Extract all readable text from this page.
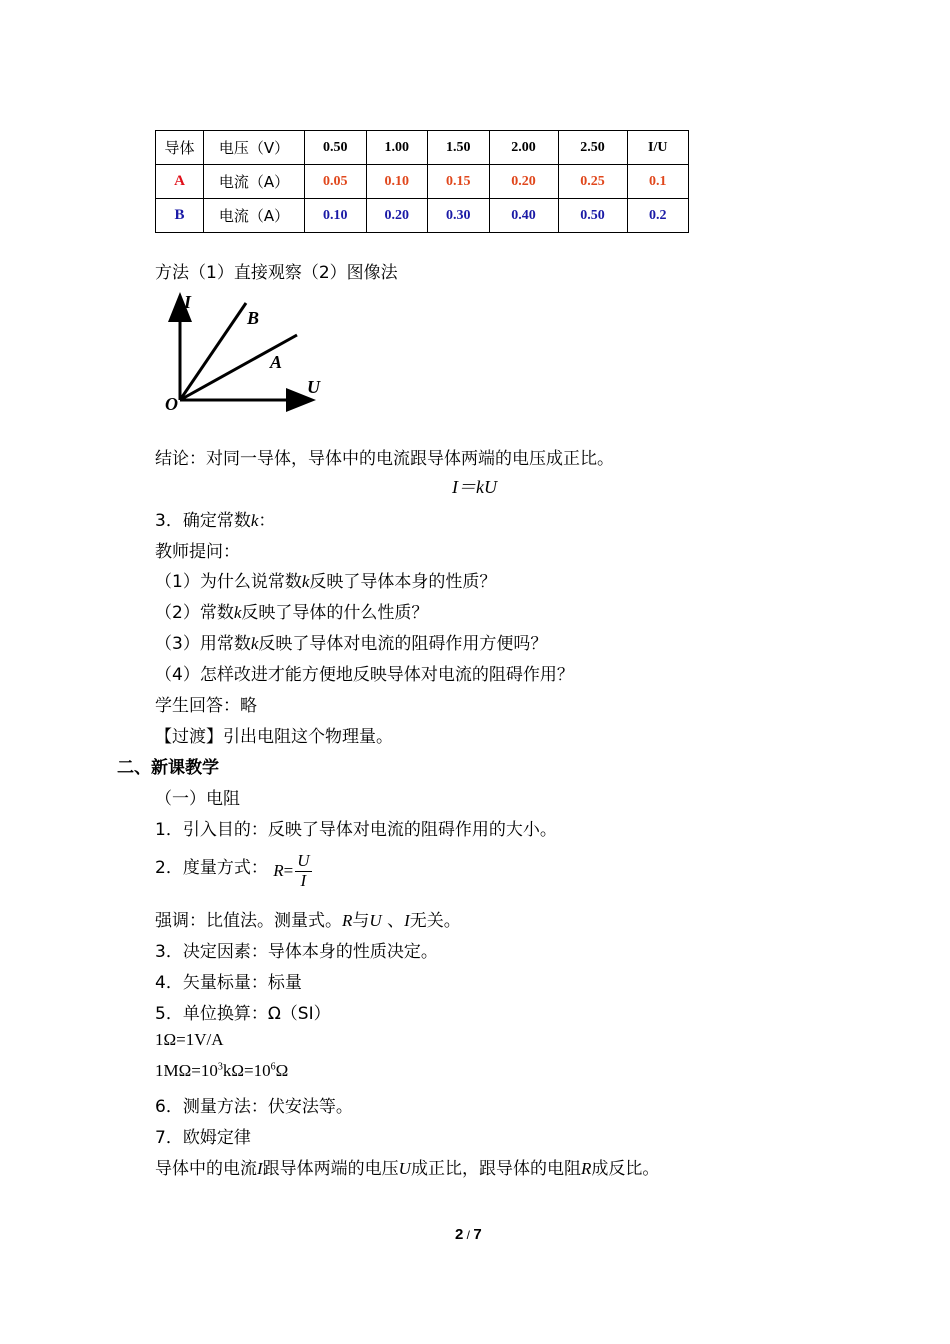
导体	电压（V）	0.50	1.00	1.50	2.00	2.50	I/U
A	电流（A）	0.05	0.10	0.15	0.20	0.25	0.1
B	电流（A）	0.10	0.20	0.30	0.40	0.50	0.2
方法（1）直接观察（2）图像法
I
U
O
B
A
结论：对同一导体，导体中的电流跟导体两端的电压成正比。
I＝kU
3．确定常数k：
教师提问：
（1）为什么说常数k反映了导体本身的性质？
（2）常数k反映了导体的什么性质？
（3）用常数k反映了导体对电流的阻碍作用方便吗？
（4）怎样改进才能方便地反映导体对电流的阻碍作用？
学生回答：略
【过渡】引出电阻这个物理量。
二、新课教学
（一）电阻
1．引入目的：反映了导体对电流的阻碍作用的大小。
2．度量方式： $R= \frac{U}{I}$
强调：比值法。测量式。R与U 、I无关。
3．决定因素：导体本身的性质决定。
4．矢量标量：标量
5．单位换算：Ω（SI）
1Ω=1V/A
$1M\Omega=10^3k\Omega=10^6\Omega$
6．测量方法：伏安法等。
7．欧姆定律
导体中的电流I跟导体两端的电压U成正比，跟导体的电阻R成反比。
2 / 7
